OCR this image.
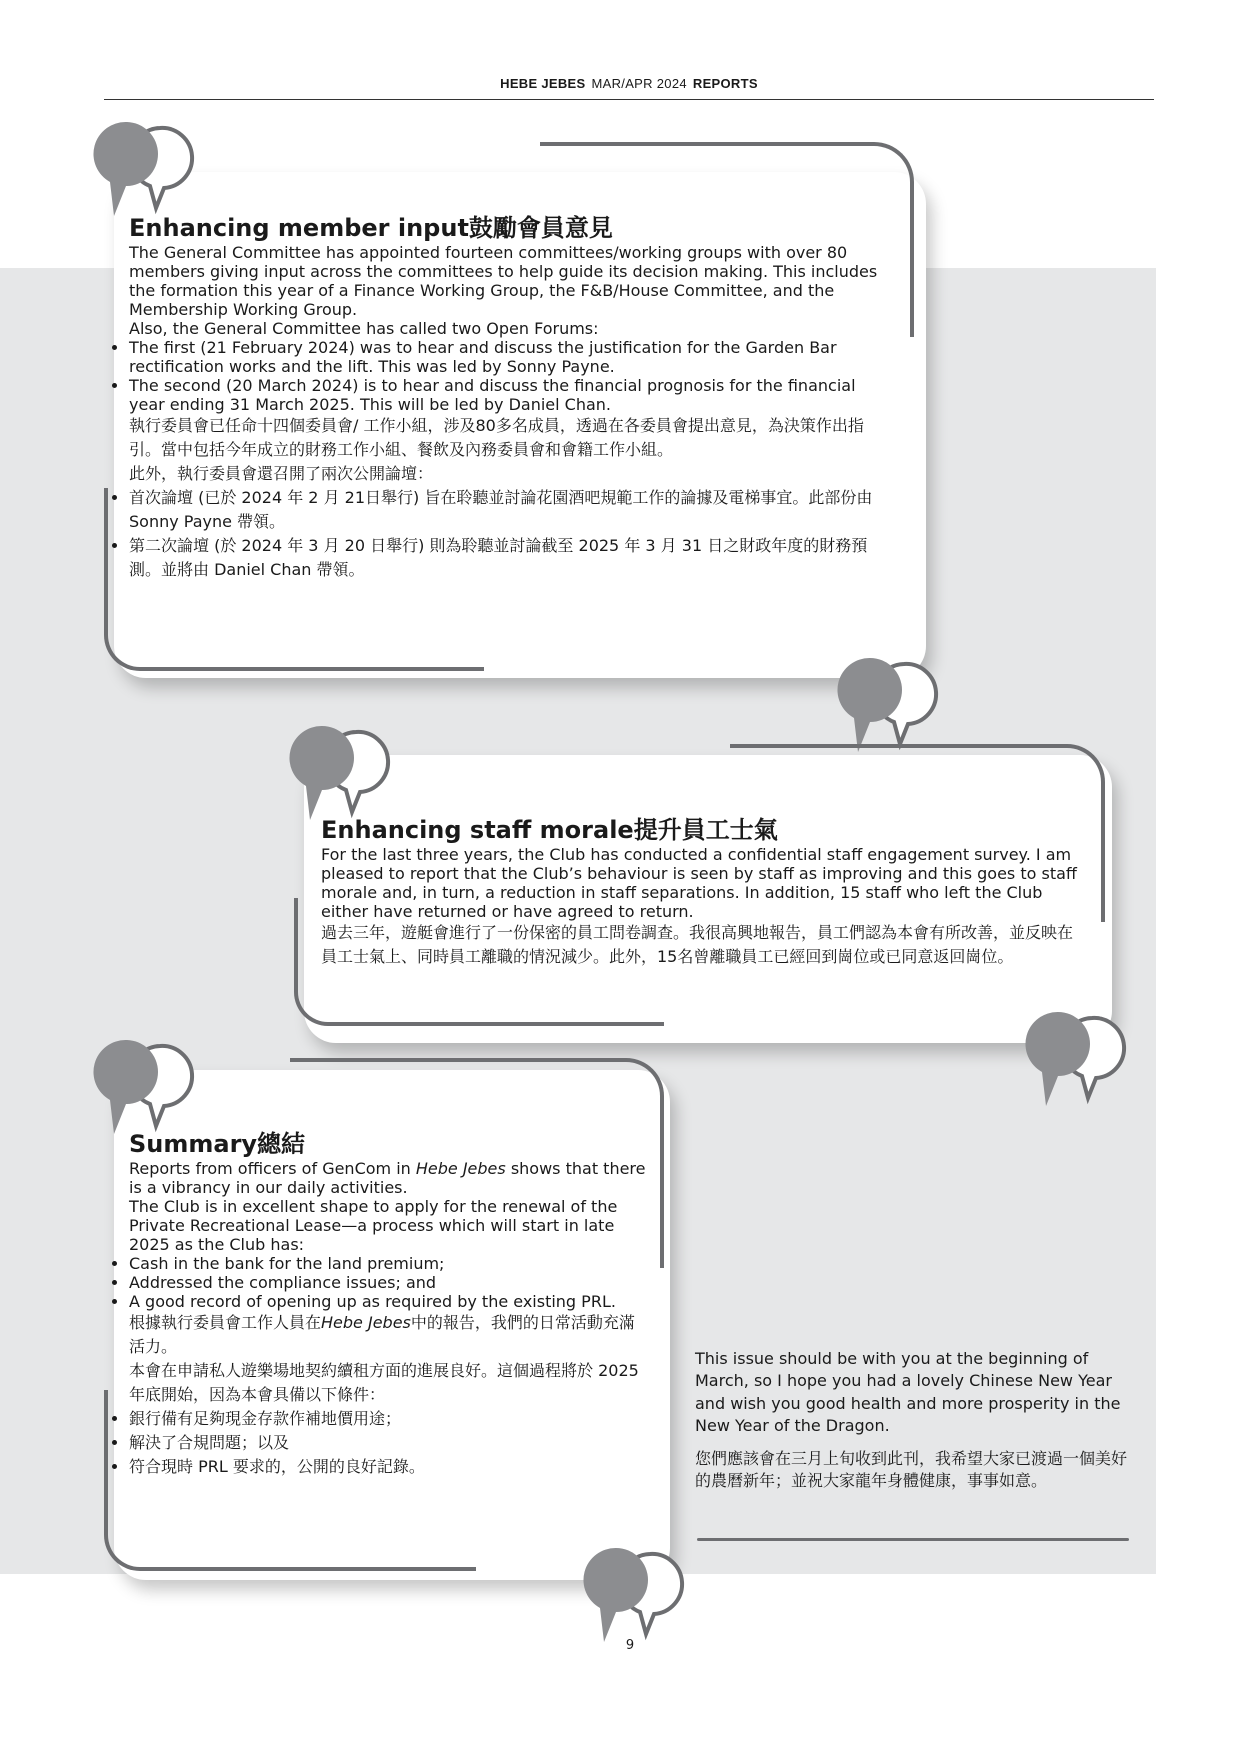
HEBE JEBES MAR/APR 2024 REPORTS
Enhancing member input鼓勵會員意見

The General Committee has appointed fourteen committees/working groups with over 80 members giving input across the committees to help guide its decision making. This includes the formation this year of a Finance Working Group, the F&B/House Committee, and the Membership Working Group.

Also, the General Committee has called two Open Forums:

• The first (21 February 2024) was to hear and discuss the justification for the Garden Bar rectification works and the lift. This was led by Sonny Payne.
• The second (20 March 2024) is to hear and discuss the financial prognosis for the financial year ending 31 March 2025. This will be led by Daniel Chan.

執行委員會已任命十四個委員會/ 工作小組，涉及80多名成員，透過在各委員會提出意見，為決策作出指引。當中包括今年成立的財務工作小組、餐飲及內務委員會和會籍工作小組。

此外，執行委員會還召開了兩次公開論壇：

• 首次論壇 (已於 2024 年 2 月 21日舉行) 旨在聆聽並討論花園酒吧規範工作的論據及電梯事宜。此部份由 Sonny Payne 帶領。
• 第二次論壇 (於 2024 年 3 月 20 日舉行) 則為聆聽並討論截至 2025 年 3 月 31 日之財政年度的財務預測。並將由 Daniel Chan 帶領。
Enhancing staff morale提升員工士氣

For the last three years, the Club has conducted a confidential staff engagement survey. I am pleased to report that the Club’s behaviour is seen by staff as improving and this goes to staff morale and, in turn, a reduction in staff separations. In addition, 15 staff who left the Club either have returned or have agreed to return.

過去三年，遊艇會進行了一份保密的員工問卷調查。我很高興地報告，員工們認為本會有所改善，並反映在員工士氣上、同時員工離職的情況減少。此外，15名曾離職員工已經回到崗位或已同意返回崗位。

Summary總結

Reports from officers of GenCom in Hebe Jebes shows that there is a vibrancy in our daily activities.

The Club is in excellent shape to apply for the renewal of the Private Recreational Lease—a process which will start in late 2025 as the Club has:

• Cash in the bank for the land premium;
• Addressed the compliance issues; and
• A good record of opening up as required by the existing PRL.

根據執行委員會工作人員在Hebe Jebes中的報告，我們的日常活動充滿活力。

本會在申請私人遊樂場地契約續租方面的進展良好。這個過程將於 2025 年底開始，因為本會具備以下條件：

• 銀行備有足夠現金存款作補地價用途；
• 解決了合規問題；以及
• 符合現時 PRL 要求的，公開的良好記錄。

This issue should be with you at the beginning of March, so I hope you had a lovely Chinese New Year and wish you good health and more prosperity in the New Year of the Dragon.

您們應該會在三月上旬收到此刊，我希望大家已渡過一個美好的農曆新年；並祝大家龍年身體健康，事事如意。

9
